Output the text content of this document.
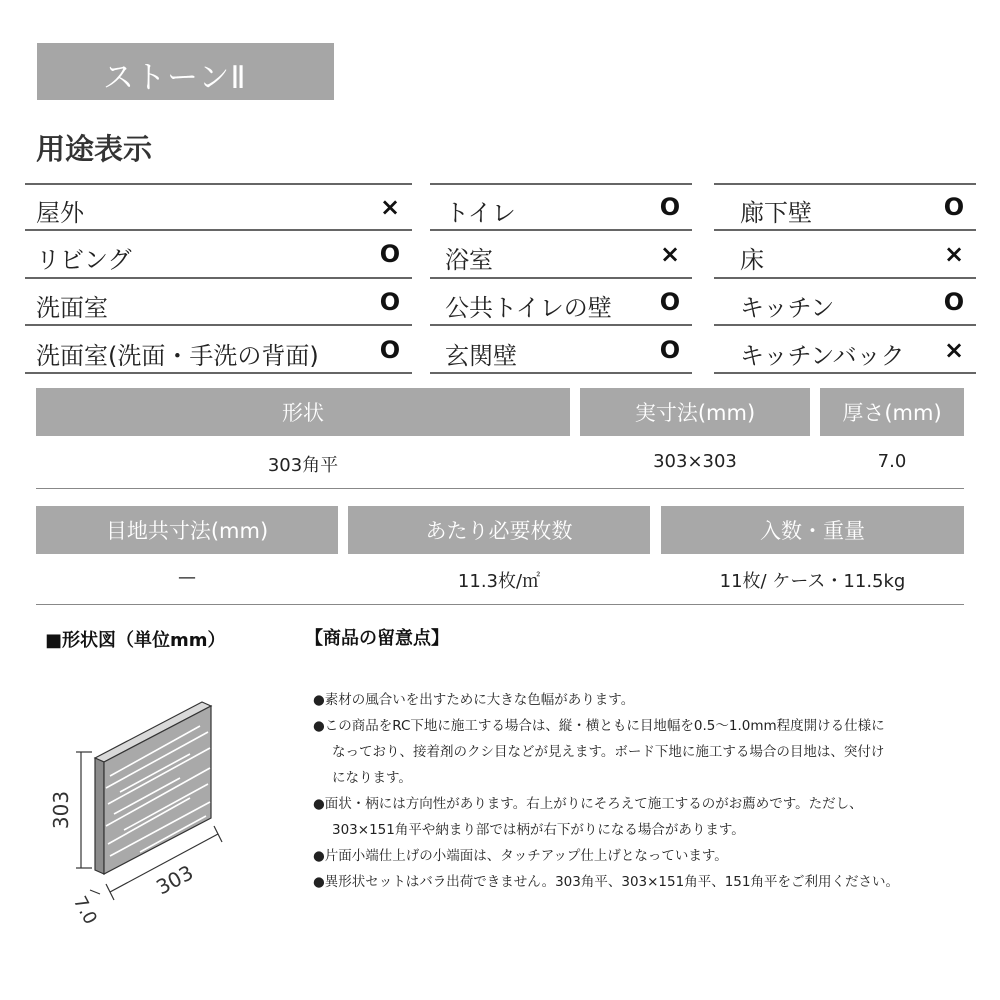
ストーンⅡ
用途表示
屋外	× トイレ	O 廊下壁	O
リビング	O 浴室	× 床	×
洗面室	O 公共トイレの壁 O キッチン	O
洗面室(洗面・手洗の背面)	O 玄関壁	O キッチンバック ×
形状	実寸法(mm)	厚さ(mm)
303角平	303×303	7.0
目地共寸法(mm)	あたり必要枚数	入数・重量
—	11.3枚/㎡	11枚/ ケース・11.5kg
■形状図（単位mm）
303
303
7.0
【商品の留意点】

●素材の風合いを出すために大きな色幅があります。

●この商品をRC下地に施工する場合は、縦・横ともに目地幅を0.5～1.0mm程度開ける仕様に

なっており、接着剤のクシ目などが見えます。ボード下地に施工する場合の目地は、突付け

になります。

●面状・柄には方向性があります。右上がりにそろえて施工するのがお薦めです。ただし、

303×151角平や納まり部では柄が右下がりになる場合があります。

●片面小端仕上げの小端面は、タッチアップ仕上げとなっています。

●異形状セットはバラ出荷できません。303角平、303×151角平、151角平をご利用ください。
